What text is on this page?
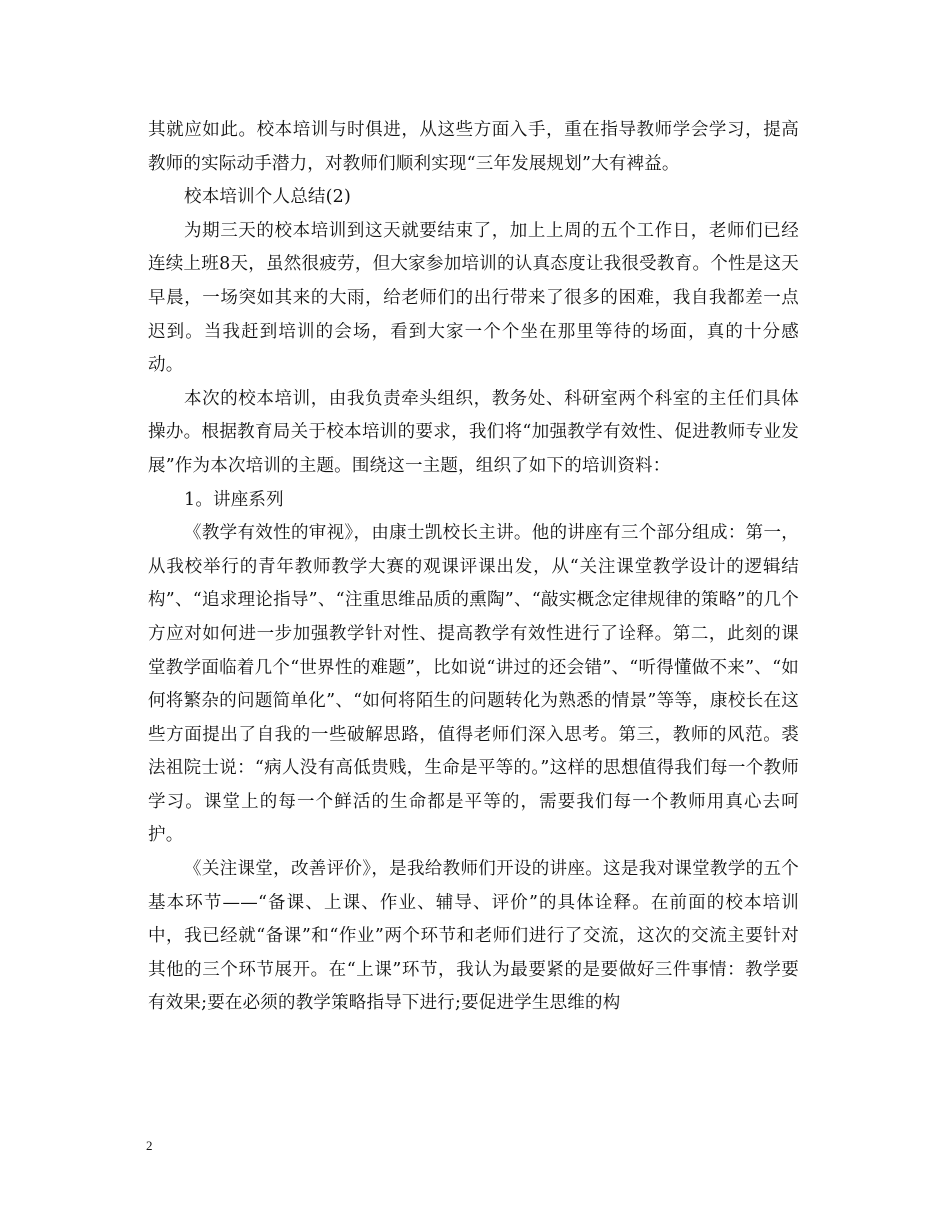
其就应如此。校本培训与时俱进，从这些方面入手，重在指导教师学会学习，提高教师的实际动手潜力，对教师们顺利实现“三年发展规划”大有裨益。

校本培训个人总结(2)

为期三天的校本培训到这天就要结束了，加上上周的五个工作日，老师们已经连续上班8天，虽然很疲劳，但大家参加培训的认真态度让我很受教育。个性是这天早晨，一场突如其来的大雨，给老师们的出行带来了很多的困难，我自我都差一点迟到。当我赶到培训的会场，看到大家一个个坐在那里等待的场面，真的十分感动。

本次的校本培训，由我负责牵头组织，教务处、科研室两个科室的主任们具体操办。根据教育局关于校本培训的要求，我们将“加强教学有效性、促进教师专业发展”作为本次培训的主题。围绕这一主题，组织了如下的培训资料：

1。讲座系列

《教学有效性的审视》，由康士凯校长主讲。他的讲座有三个部分组成：第一，从我校举行的青年教师教学大赛的观课评课出发，从“关注课堂教学设计的逻辑结构”、“追求理论指导”、“注重思维品质的熏陶”、“敲实概念定律规律的策略”的几个方应对如何进一步加强教学针对性、提高教学有效性进行了诠释。第二，此刻的课堂教学面临着几个“世界性的难题”，比如说“讲过的还会错”、“听得懂做不来”、“如何将繁杂的问题简单化”、“如何将陌生的问题转化为熟悉的情景”等等，康校长在这些方面提出了自我的一些破解思路，值得老师们深入思考。第三，教师的风范。裘法祖院士说：“病人没有高低贵贱，生命是平等的。”这样的思想值得我们每一个教师学习。课堂上的每一个鲜活的生命都是平等的，需要我们每一个教师用真心去呵护。

《关注课堂，改善评价》，是我给教师们开设的讲座。这是我对课堂教学的五个基本环节——“备课、上课、作业、辅导、评价”的具体诠释。在前面的校本培训中，我已经就“备课”和“作业”两个环节和老师们进行了交流，这次的交流主要针对其他的三个环节展开。在“上课”环节，我认为最要紧的是要做好三件事情：教学要有效果;要在必须的教学策略指导下进行;要促进学生思维的构

2
